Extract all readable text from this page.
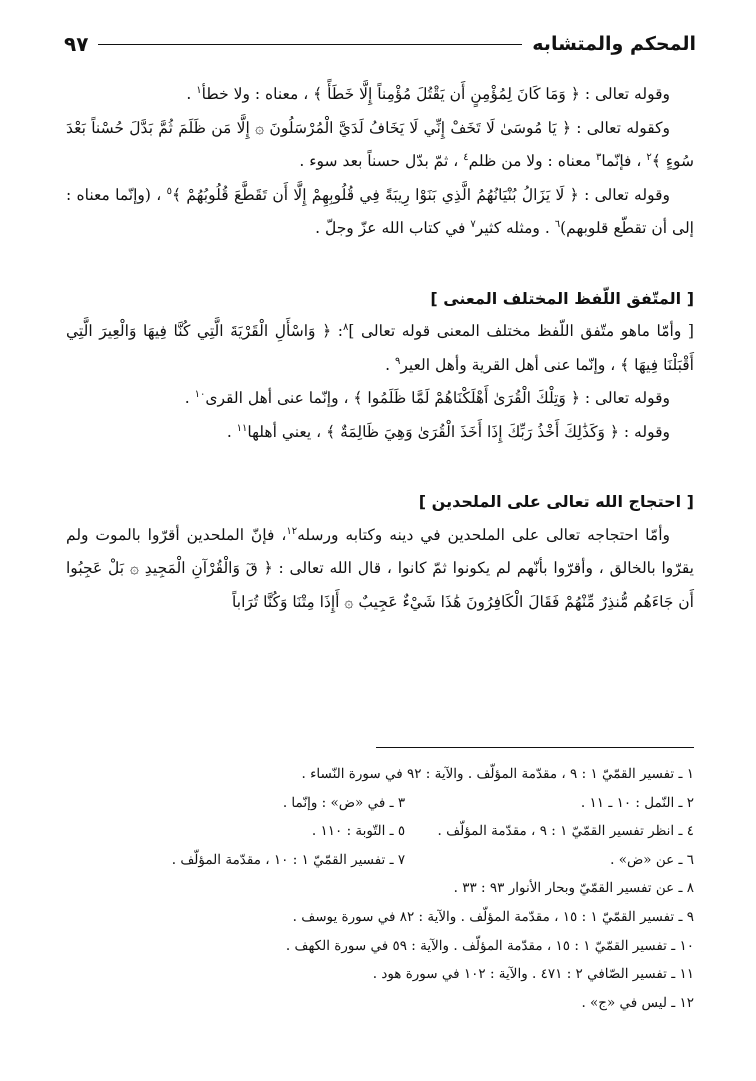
المحكم والمتشابه
٩٧

وقوله تعالى : ﴿ وَمَا كَانَ لِمُؤْمِنٍ أَن يَقْتُلَ مُؤْمِناً إِلَّا خَطَأً ﴾ ، معناه : ولا خطأ$^١$ .

وكقوله تعالى : ﴿ يَا مُوسَىٰ لَا تَخَفْ إِنِّي لَا يَخَافُ لَدَيَّ الْمُرْسَلُونَ ۞ إِلَّا مَن ظَلَمَ ثُمَّ بَدَّلَ حُسْناً بَعْدَ سُوءٍ ﴾$^٢$ ، فإنّما$^٣$ معناه : ولا من ظلم$^٤$ ، ثمّ بدّل حسناً بعد سوء .

وقوله تعالى : ﴿ لَا يَزَالُ بُنْيَانُهُمُ الَّذِي بَنَوْا رِيبَةً فِي قُلُوبِهِمْ إِلَّا أَن تَقَطَّعَ قُلُوبُهُمْ ﴾$^٥$ ، (وإنّما معناه : إلى أن تقطّع قلوبهم)$^٦$ . ومثله كثير$^٧$ في كتاب الله عزّ وجلّ .

[ المتّفق اللّفظ المختلف المعنى ]

[ وأمّا ماهو متّفق اللّفظ مختلف المعنى قوله تعالى ]$^٨$: ﴿ وَاسْأَلِ الْقَرْيَةَ الَّتِي كُنَّا فِيهَا وَالْعِيرَ الَّتِي أَقْبَلْنَا فِيهَا ﴾ ، وإنّما عنى أهل القرية وأهل العير$^٩$ .

وقوله تعالى : ﴿ وَتِلْكَ الْقُرَىٰ أَهْلَكْنَاهُمْ لَمَّا ظَلَمُوا ﴾ ، وإنّما عنى أهل القرى$^{١٠}$ .

وقوله : ﴿ وَكَذَٰلِكَ أَخْذُ رَبِّكَ إِذَا أَخَذَ الْقُرَىٰ وَهِيَ ظَالِمَةٌ ﴾ ، يعني أهلها$^{١١}$ .

[ احتجاج الله تعالى على الملحدين ]

وأمّا احتجاجه تعالى على الملحدين في دينه وكتابه ورسله$^{١٢}$، فإنّ الملحدين أقرّوا بالموت ولم يقرّوا بالخالق ، وأقرّوا بأنّهم لم يكونوا ثمّ كانوا ، قال الله تعالى : ﴿ قٓ وَالْقُرْآنِ الْمَجِيدِ ۞ بَلْ عَجِبُوا أَن جَاءَهُم مُّنذِرٌ مِّنْهُمْ فَقَالَ الْكَافِرُونَ هَٰذَا شَيْءٌ عَجِيبٌ ۞ أَإِذَا مِتْنَا وَكُنَّا تُرَاباً

١ ـ تفسير القمّيّ ١ : ٩ ، مقدّمة المؤلّف . والآية : ٩٢ في سورة النّساء .
٢ ـ النّمل : ١٠ ـ ١١ .
٣ ـ في «ض» : وإنّما .
٤ ـ انظر تفسير القمّيّ ١ : ٩ ، مقدّمة المؤلّف .
٥ ـ التّوبة : ١١٠ .
٦ ـ عن «ض» .
٧ ـ تفسير القمّيّ ١ : ١٠ ، مقدّمة المؤلّف .
٨ ـ عن تفسير القمّيّ وبحار الأنوار ٩٣ : ٣٣ .
٩ ـ تفسير القمّيّ ١ : ١٥ ، مقدّمة المؤلّف . والآية : ٨٢ في سورة يوسف .
١٠ ـ تفسير القمّيّ ١ : ١٥ ، مقدّمة المؤلّف . والآية : ٥٩ في سورة الكهف .
١١ ـ تفسير الصّافي ٢ : ٤٧١ . والآية : ١٠٢ في سورة هود .
١٢ ـ ليس في «ج» .
